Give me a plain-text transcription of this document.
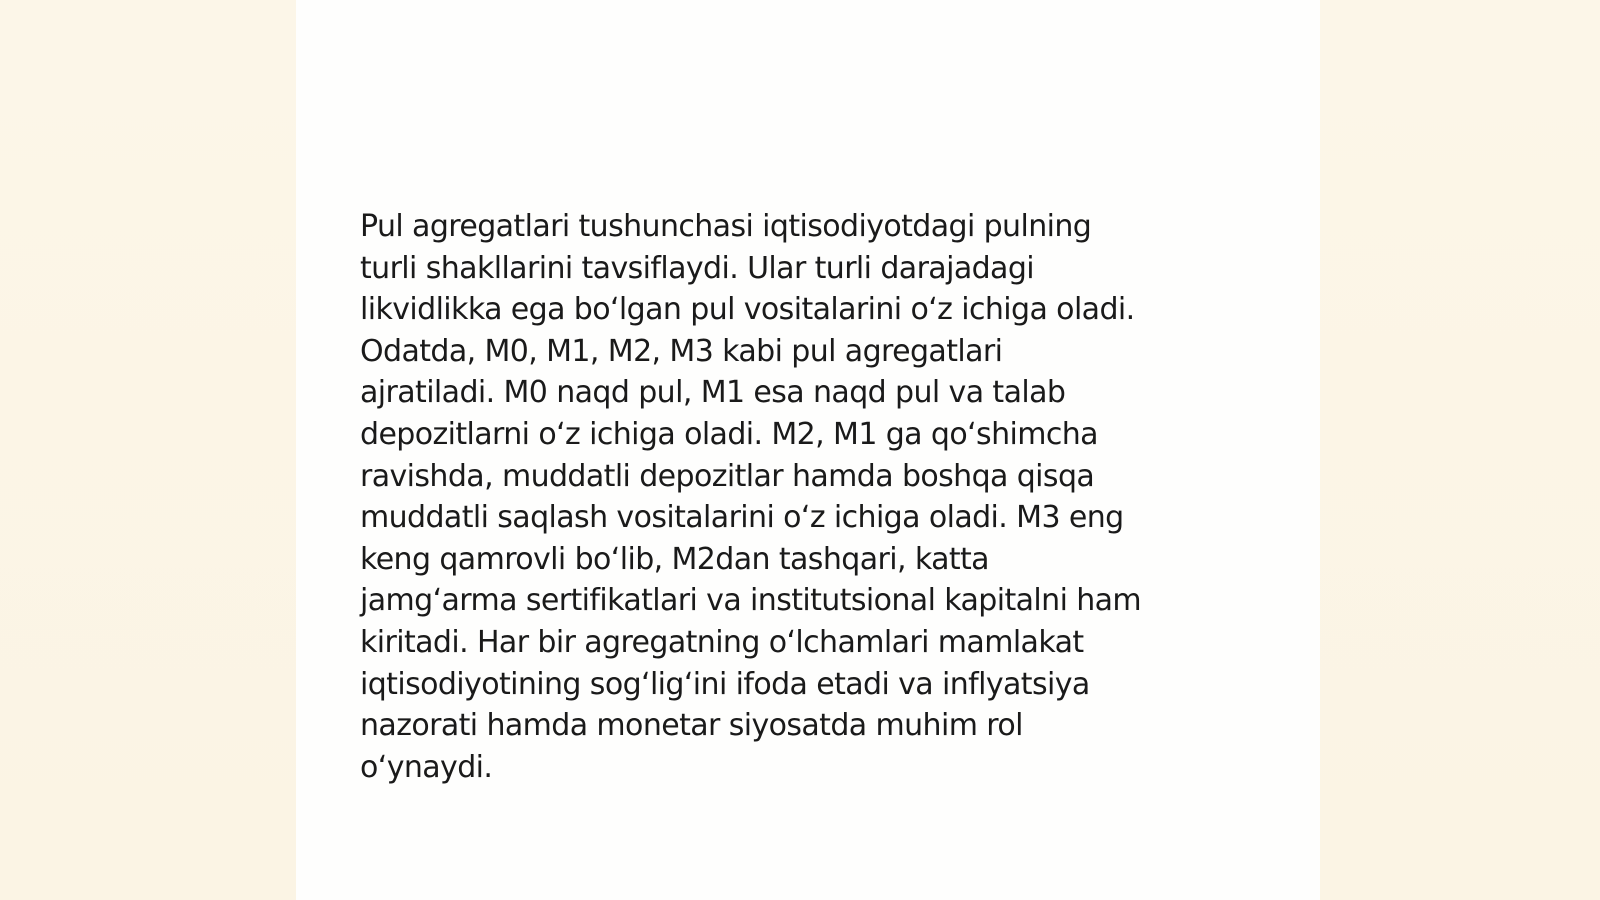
Pul agregatlari tushunchasi iqtisodiyotdagi pulning
turli shakllarini tavsiflaydi. Ular turli darajadagi
likvidlikka ega bo‘lgan pul vositalarini o‘z ichiga oladi.
Odatda, M0, M1, M2, M3 kabi pul agregatlari
ajratiladi. M0 naqd pul, M1 esa naqd pul va talab
depozitlarni o‘z ichiga oladi. M2, M1 ga qo‘shimcha
ravishda, muddatli depozitlar hamda boshqa qisqa
muddatli saqlash vositalarini o‘z ichiga oladi. M3 eng
keng qamrovli bo‘lib, M2dan tashqari, katta
jamg‘arma sertifikatlari va institutsional kapitalni ham
kiritadi. Har bir agregatning o‘lchamlari mamlakat
iqtisodiyotining sog‘lig‘ini ifoda etadi va inflyatsiya
nazorati hamda monetar siyosatda muhim rol
o‘ynaydi.
